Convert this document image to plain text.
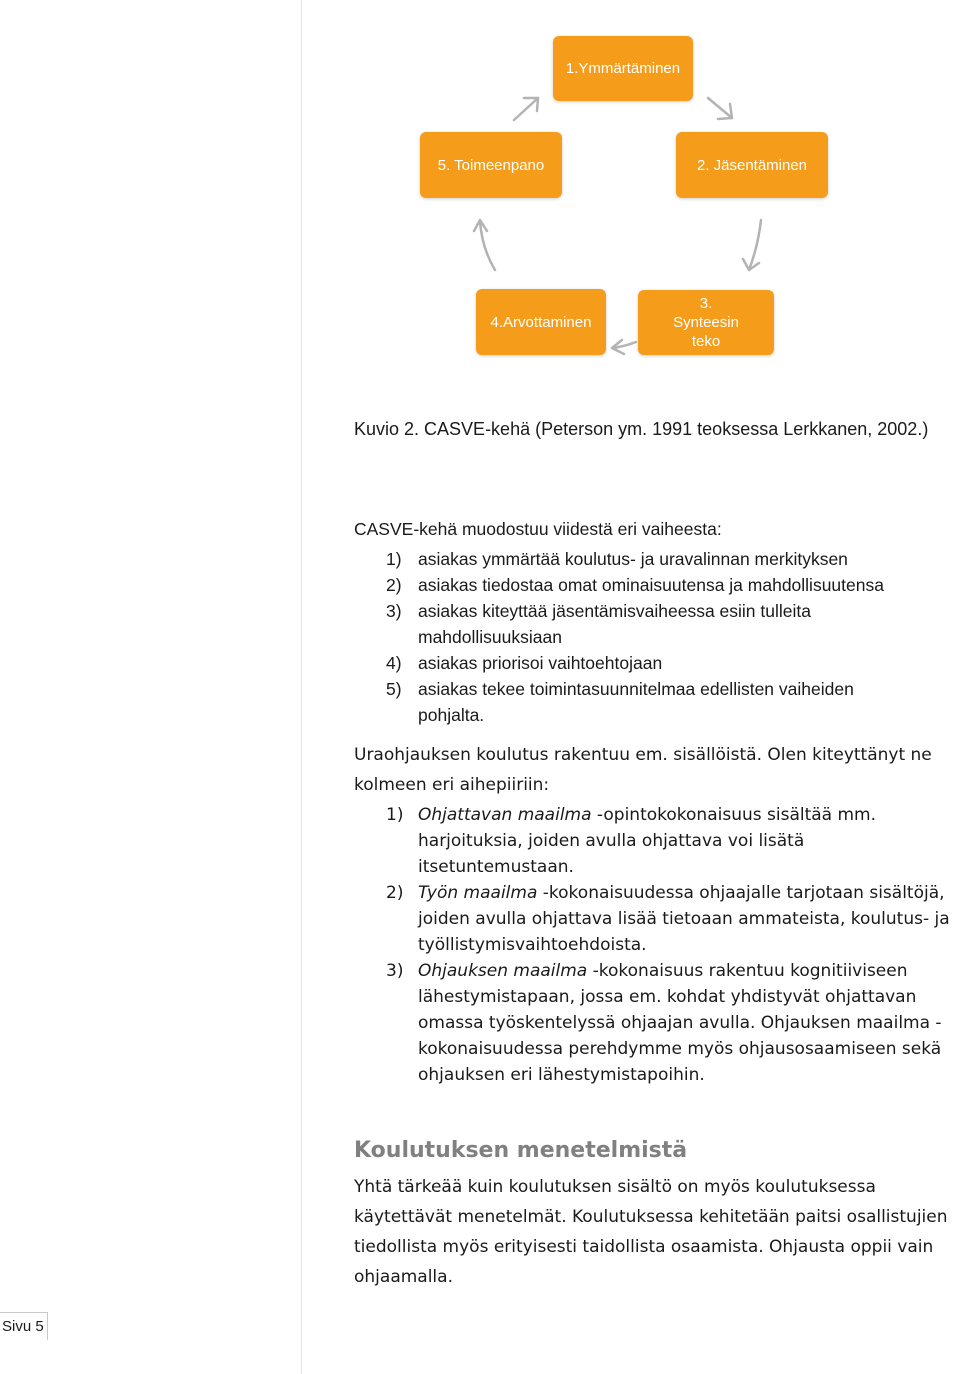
1.Ymmärtäminen
2. Jäsentäminen
3. Synteesin teko
4.Arvottaminen
5. Toimeenpano
Kuvio 2. CASVE-kehä (Peterson ym. 1991 teoksessa Lerkkanen, 2002.)
CASVE-kehä muodostuu viidestä eri vaiheesta:
1) asiakas ymmärtää koulutus- ja uravalinnan merkityksen
2) asiakas tiedostaa omat ominaisuutensa ja mahdollisuutensa
3) asiakas kiteyttää jäsentämisvaiheessa esiin tulleita mahdollisuuksiaan
4) asiakas priorisoi vaihtoehtojaan
5) asiakas tekee toimintasuunnitelmaa edellisten vaiheiden pohjalta.
Uraohjauksen koulutus rakentuu em. sisällöistä. Olen kiteyttänyt ne kolmeen eri aihepiiriin:
1) Ohjattavan maailma -opintokokonaisuus sisältää mm. harjoituksia, joiden avulla ohjattava voi lisätä itsetuntemustaan.
2) Työn maailma -kokonaisuudessa ohjaajalle tarjotaan sisältöjä, joiden avulla ohjattava lisää tietoaan ammateista, koulutus- ja työllistymisvaihtoehdoista.
3) Ohjauksen maailma -kokonaisuus rakentuu kognitiiviseen lähestymistapaan, jossa em. kohdat yhdistyvät ohjattavan omassa työskentelyssä ohjaajan avulla. Ohjauksen maailma -kokonaisuudessa perehdymme myös ohjausosaamiseen sekä ohjauksen eri lähestymistapoihin.
Koulutuksen menetelmistä
Yhtä tärkeää kuin koulutuksen sisältö on myös koulutuksessa käytettävät menetelmät. Koulutuksessa kehitetään paitsi osallistujien tiedollista myös erityisesti taidollista osaamista. Ohjausta oppii vain ohjaamalla.
Sivu 5
